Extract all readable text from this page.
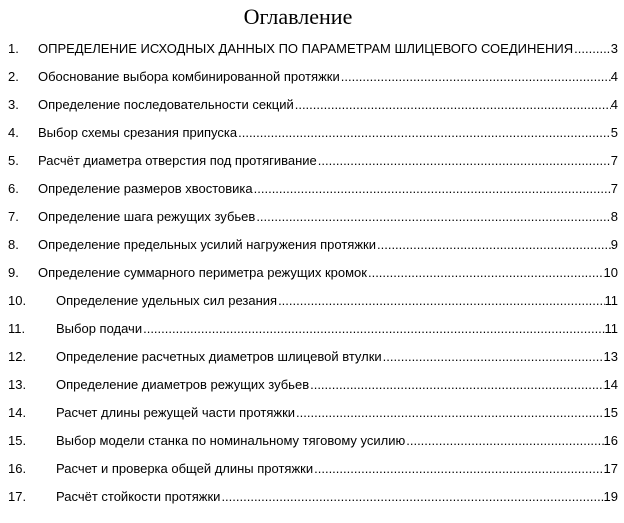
Оглавление
1. ОПРЕДЕЛЕНИЕ ИСХОДНЫХ ДАННЫХ ПО ПАРАМЕТРАМ ШЛИЦЕВОГО СОЕДИНЕНИЯ .....	3
2. Обоснование выбора комбинированной протяжки .....	4
3. Определение последовательности секций .....	4
4. Выбор схемы срезания припуска .....	5
5. Расчёт диаметра отверстия под протягивание .....	7
6. Определение размеров хвостовика .....	7
7. Определение шага режущих зубьев .....	8
8. Определение предельных усилий нагружения протяжки .....	9
9. Определение суммарного периметра режущих кромок .....	10
10. Определение удельных сил резания .....	11
11. Выбор подачи .....	11
12. Определение расчетных диаметров шлицевой втулки .....	13
13. Определение диаметров режущих зубьев .....	14
14. Расчет длины режущей части протяжки .....	15
15. Выбор модели станка по номинальному тяговому усилию .....	16
16. Расчет и проверка общей длины протяжки .....	17
17. Расчёт стойкости протяжки .....	19
